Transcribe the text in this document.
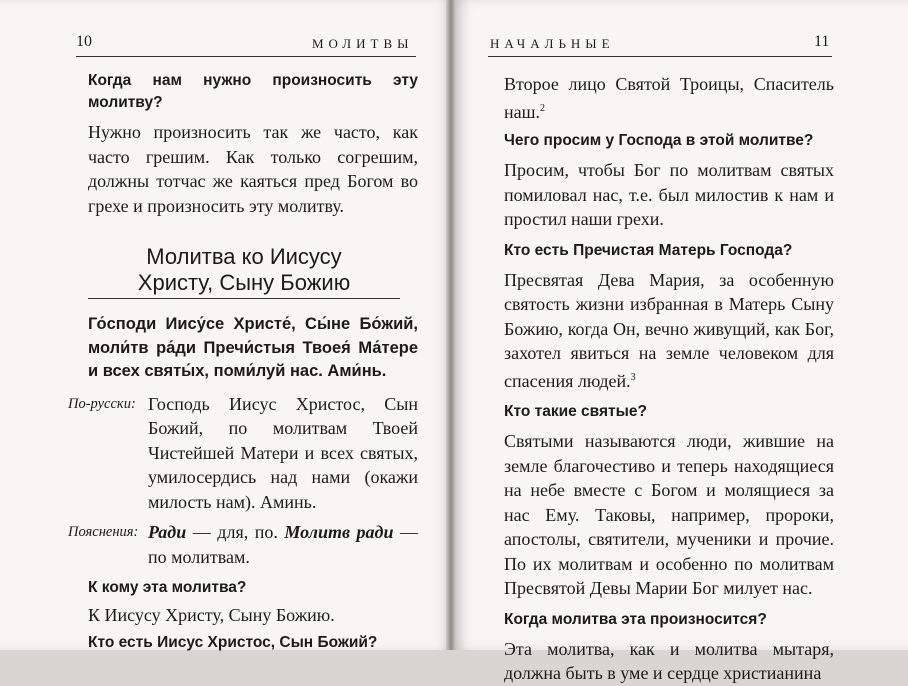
10	МОЛИТВЫ

Когда нам нужно произносить эту молитву?

Нужно произносить так же часто, как часто грешим. Как только согрешим, должны тотчас же каяться пред Богом во грехе и произносить эту молитву.

Молитва ко Иисусу

Христу, Сыну Божию

Го́споди Иису́се Христе́, Сы́не Бо́жий, моли́тв ра́ди Пречи́стыя Твоея́ Ма́тере и всех святы́х, поми́луй нас. Ами́нь.

По-русски: Господь Иисус Христос, Сын Божий, по молитвам Твоей Чистейшей Матери и всех святых, умилосердись над нами (окажи милость нам). Аминь.
Пояснения: Ради — для, по. Молитв ради — по молитвам.

К кому эта молитва?

К Иисусу Христу, Сыну Божию.

Кто есть Иисус Христос, Сын Божий?

НАЧАЛЬНЫЕ	11

Второе лицо Святой Троицы, Спаситель наш.$^2$

Чего просим у Господа в этой молитве?

Просим, чтобы Бог по молитвам святых помиловал нас, т.е. был милостив к нам и простил наши грехи.

Кто есть Пречистая Матерь Господа?

Пресвятая Дева Мария, за особенную святость жизни избранная в Матерь Сыну Божию, когда Он, вечно живущий, как Бог, захотел явиться на земле человеком для спасения людей.$^3$

Кто такие святые?

Святыми называются люди, жившие на земле благочестиво и теперь находящиеся на небе вместе с Богом и молящиеся за нас Ему. Таковы, например, пророки, апостолы, святители, мученики и прочие. По их молитвам и особенно по молитвам Пресвятой Девы Марии Бог милует нас.

Когда молитва эта произносится?

Эта молитва, как и молитва мытаря, должна быть в уме и сердце христианина
